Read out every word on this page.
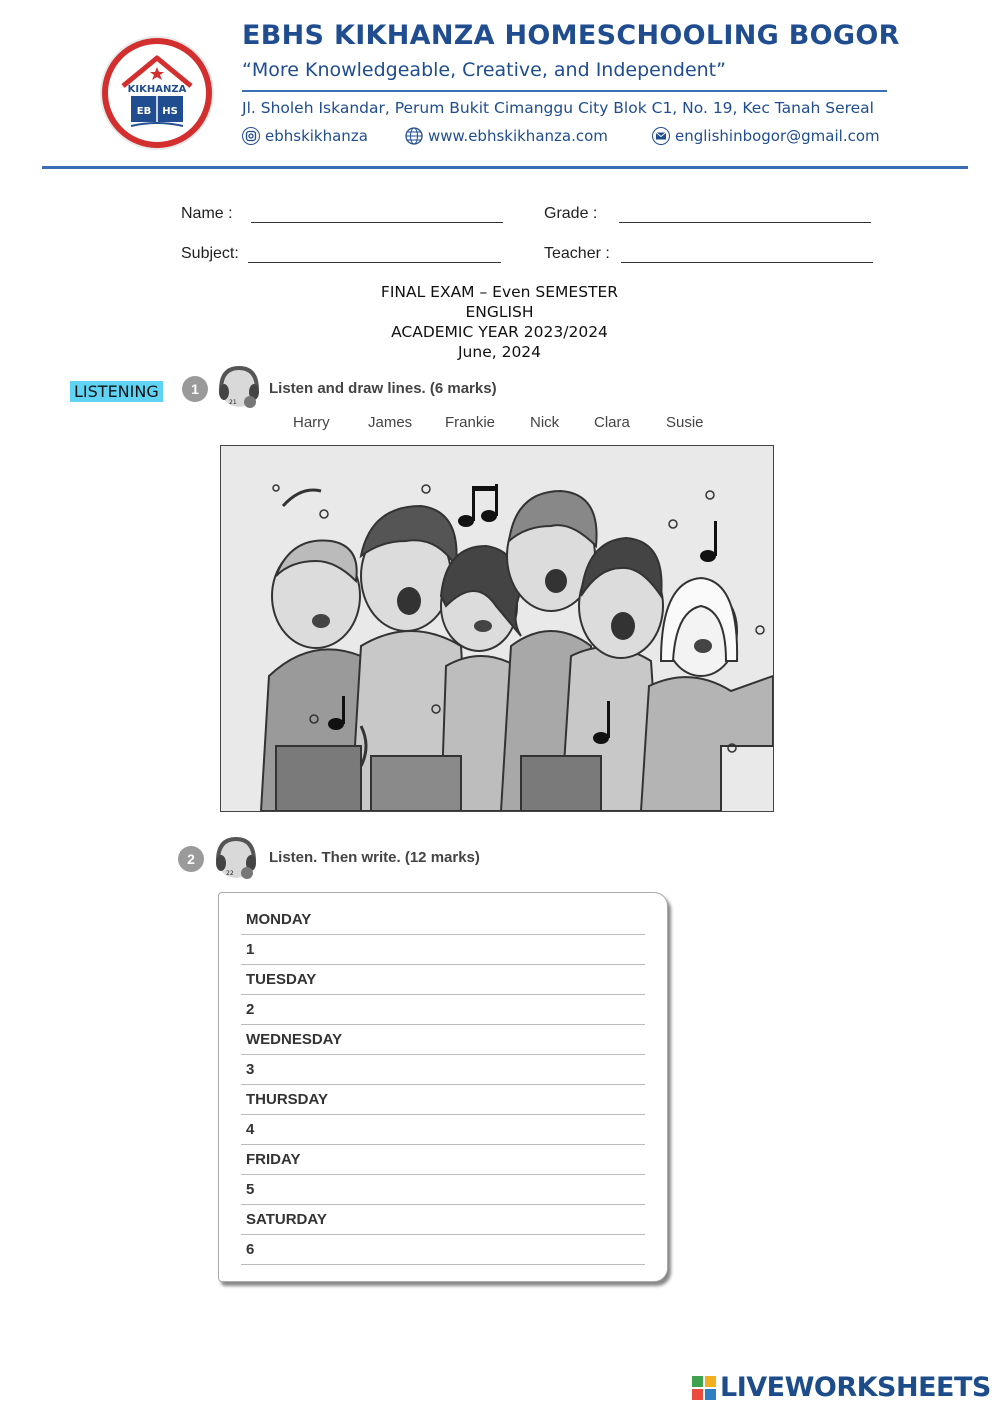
KIKHANZA
EB HS
EBHS KIKHANZA HOMESCHOOLING BOGOR
“More Knowledgeable, Creative, and Independent”
Jl. Sholeh Iskandar, Perum Bukit Cimanggu City Blok C1, No. 19, Kec Tanah Sereal
ebhskikhanza	www.ebhskikhanza.com	englishinbogor@gmail.com
Name :	Grade :
Subject:	Teacher :
FINAL EXAM – Even SEMESTER
ENGLISH
ACADEMIC YEAR 2023/2024
June, 2024
LISTENING	1
21
Listen and draw lines. (6 marks)
Harry	James Frankie Nick Clara Susie
2
22
Listen. Then write. (12 marks)
MONDAY
1
TUESDAY
2
WEDNESDAY
3
THURSDAY
4
FRIDAY
5
SATURDAY
6
LIVEWORKSHEETS
